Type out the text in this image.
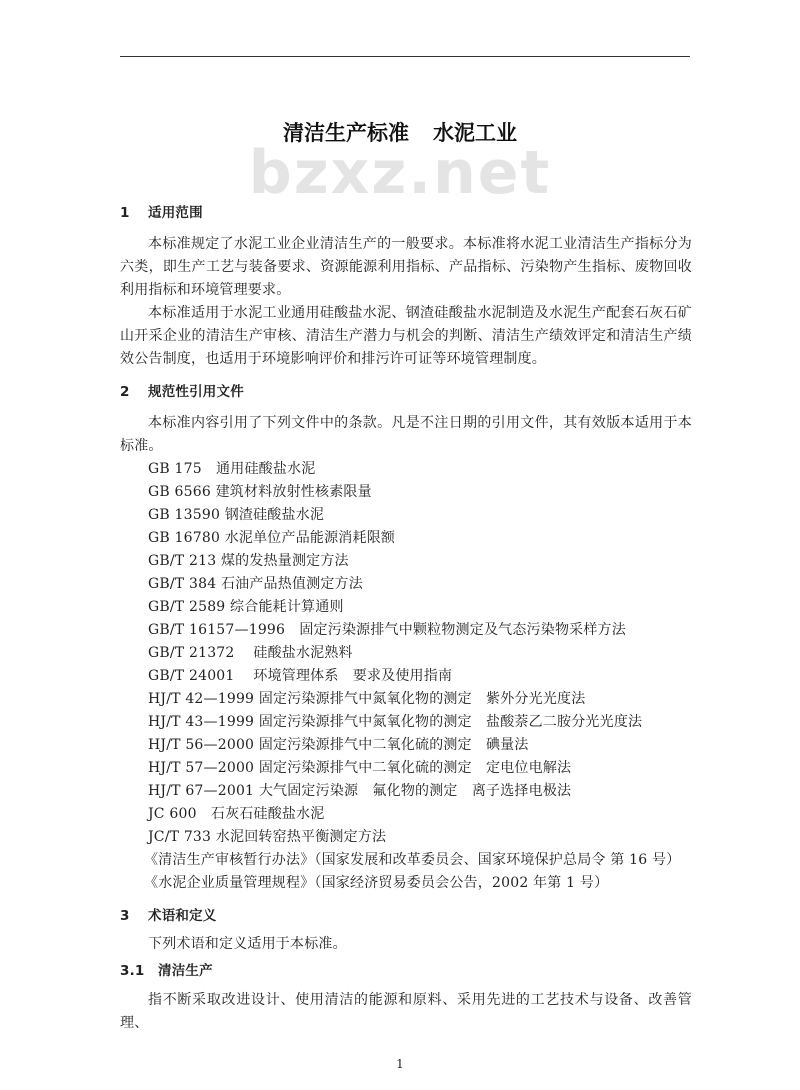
bzxz.net
清洁生产标准 水泥工业
1 适用范围

本标准规定了水泥工业企业清洁生产的一般要求。本标准将水泥工业清洁生产指标分为六类，即生产工艺与装备要求、资源能源利用指标、产品指标、污染物产生指标、废物回收利用指标和环境管理要求。

本标准适用于水泥工业通用硅酸盐水泥、钢渣硅酸盐水泥制造及水泥生产配套石灰石矿山开采企业的清洁生产审核、清洁生产潜力与机会的判断、清洁生产绩效评定和清洁生产绩效公告制度，也适用于环境影响评价和排污许可证等环境管理制度。

2 规范性引用文件

本标准内容引用了下列文件中的条款。凡是不注日期的引用文件，其有效版本适用于本标准。

GB 175　通用硅酸盐水泥
GB 6566 建筑材料放射性核素限量
GB 13590 钢渣硅酸盐水泥
GB 16780 水泥单位产品能源消耗限额
GB/T 213 煤的发热量测定方法
GB/T 384 石油产品热值测定方法
GB/T 2589 综合能耗计算通则
GB/T 16157—1996　固定污染源排气中颗粒物测定及气态污染物采样方法
GB/T 21372　 硅酸盐水泥熟料
GB/T 24001　 环境管理体系　要求及使用指南
HJ/T 42—1999 固定污染源排气中氮氧化物的测定　紫外分光光度法
HJ/T 43—1999 固定污染源排气中氮氧化物的测定　盐酸萘乙二胺分光光度法
HJ/T 56—2000 固定污染源排气中二氧化硫的测定　碘量法
HJ/T 57—2000 固定污染源排气中二氧化硫的测定　定电位电解法
HJ/T 67—2001 大气固定污染源　氟化物的测定　离子选择电极法
JC 600　石灰石硅酸盐水泥
JC/T 733 水泥回转窑热平衡测定方法
《清洁生产审核暂行办法》（国家发展和改革委员会、国家环境保护总局令 第 16 号）
《水泥企业质量管理规程》（国家经济贸易委员会公告，2002 年第 1 号）
3 术语和定义

下列术语和定义适用于本标准。

3.1 清洁生产

指不断采取改进设计、使用清洁的能源和原料、采用先进的工艺技术与设备、改善管理、

1
